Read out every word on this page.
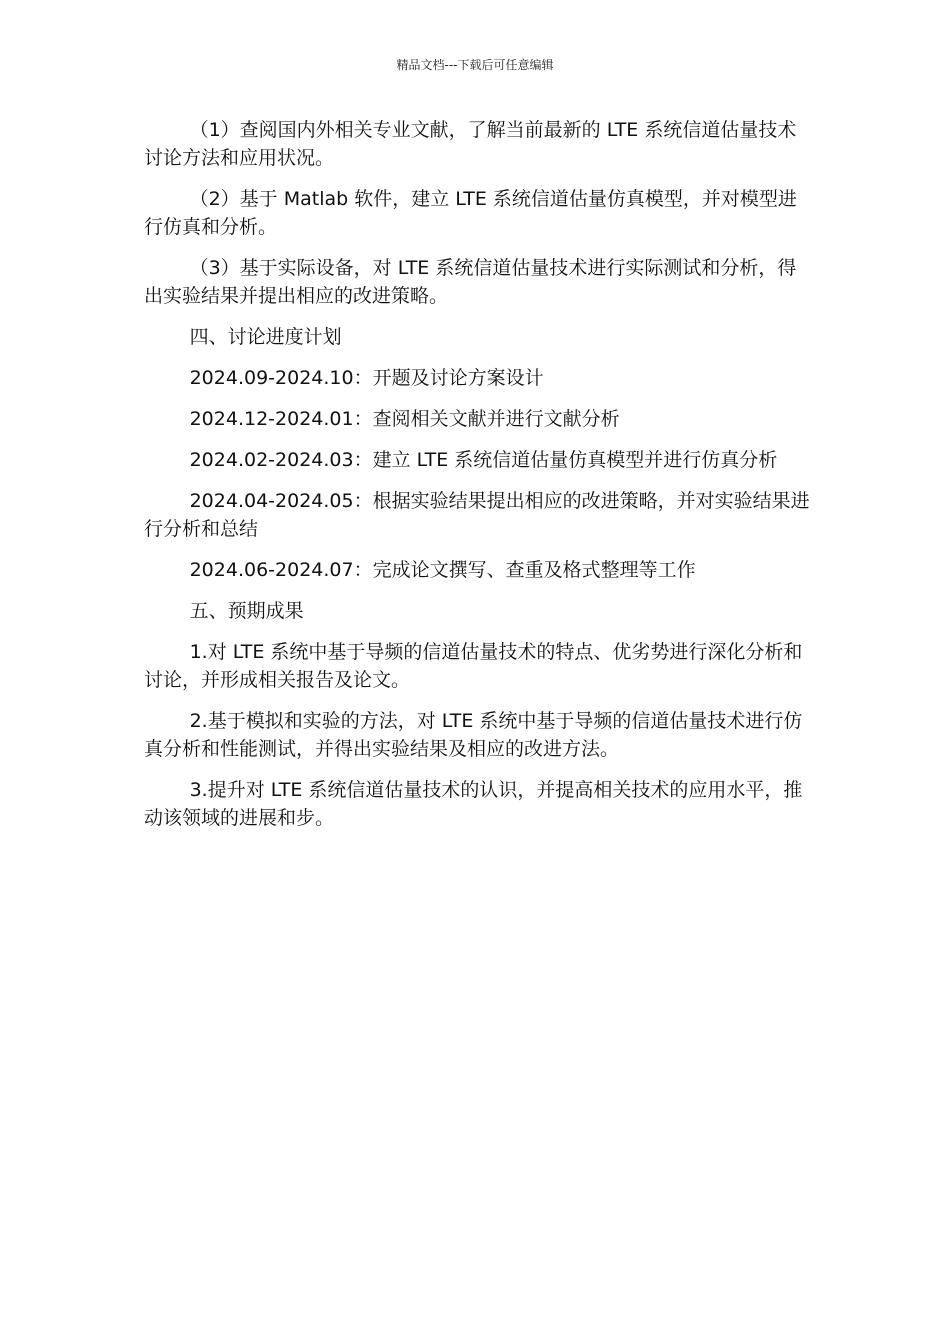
精品文档---下载后可任意编辑

（1）查阅国内外相关专业文献，了解当前最新的 LTE 系统信道估量技术讨论方法和应用状况。

（2）基于 Matlab 软件，建立 LTE 系统信道估量仿真模型，并对模型进行仿真和分析。

（3）基于实际设备，对 LTE 系统信道估量技术进行实际测试和分析，得出实验结果并提出相应的改进策略。

四、讨论进度计划

2024.09-2024.10：开题及讨论方案设计

2024.12-2024.01：查阅相关文献并进行文献分析

2024.02-2024.03：建立 LTE 系统信道估量仿真模型并进行仿真分析

2024.04-2024.05：根据实验结果提出相应的改进策略，并对实验结果进行分析和总结

2024.06-2024.07：完成论文撰写、查重及格式整理等工作

五、预期成果

1.对 LTE 系统中基于导频的信道估量技术的特点、优劣势进行深化分析和讨论，并形成相关报告及论文。

2.基于模拟和实验的方法，对 LTE 系统中基于导频的信道估量技术进行仿真分析和性能测试，并得出实验结果及相应的改进方法。

3.提升对 LTE 系统信道估量技术的认识，并提高相关技术的应用水平，推动该领域的进展和步。
